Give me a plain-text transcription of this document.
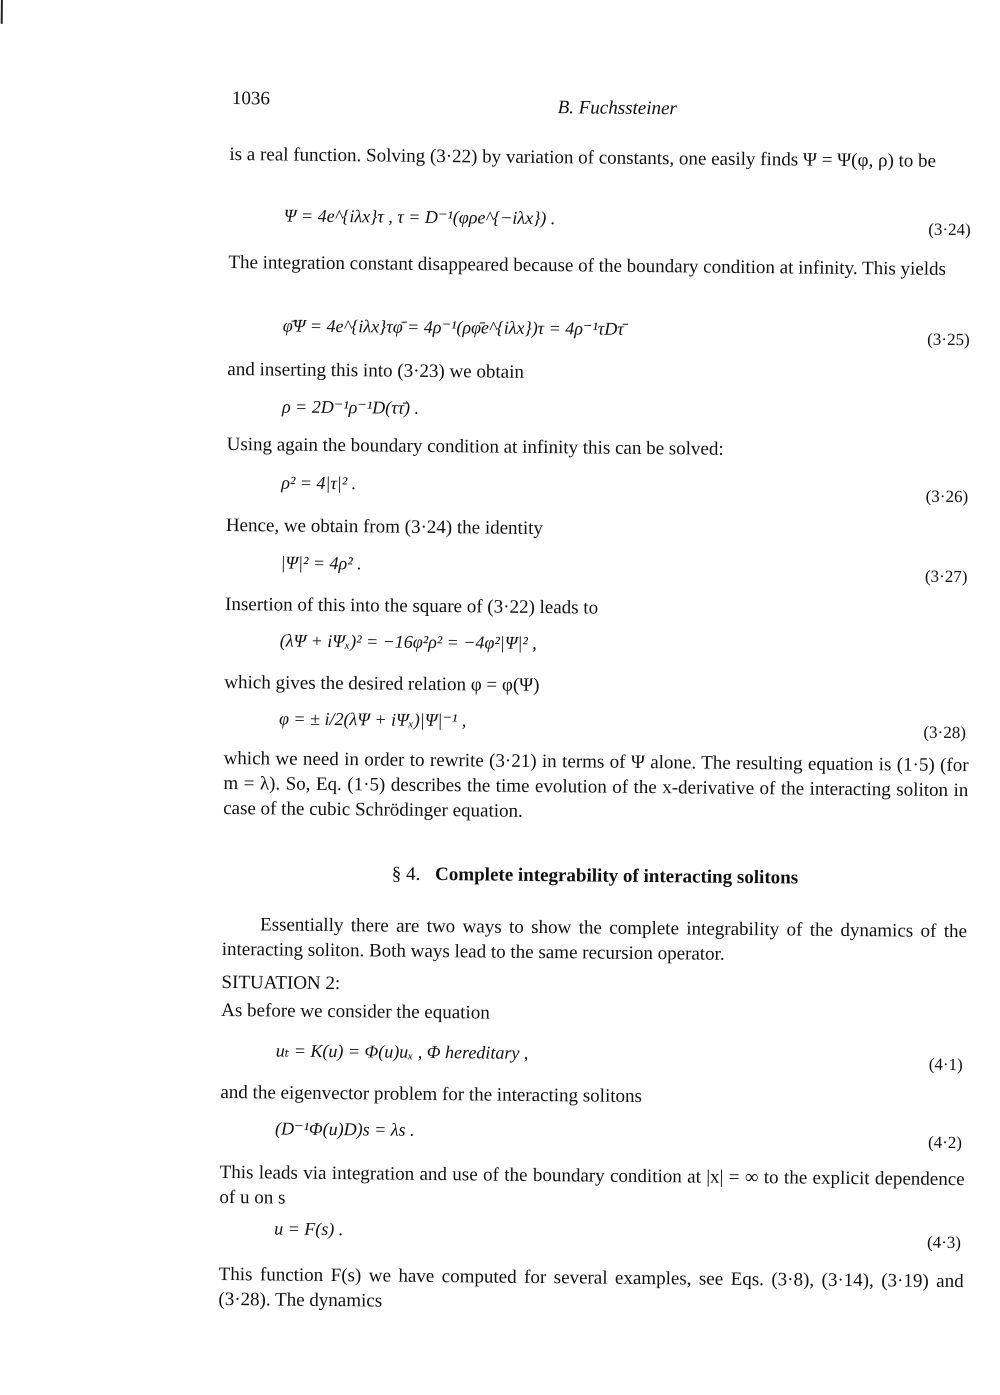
1036	B. Fuchssteiner
is a real function. Solving (3·22) by variation of constants, one easily finds Ψ = Ψ(φ, ρ) to be
Ψ = 4e^{iλx}τ , τ = D⁻¹(φρe^{−iλx}) .
(3·24)
The integration constant disappeared because of the boundary condition at infinity. This yields
φ̄Ψ = 4e^{iλx}τφ̄ = 4ρ⁻¹(ρφ̄e^{iλx})τ = 4ρ⁻¹τDτ̄
(3·25)
and inserting this into (3·23) we obtain
ρ = 2D⁻¹ρ⁻¹D(ττ̄) .
Using again the boundary condition at infinity this can be solved:
ρ² = 4|τ|² .
(3·26)
Hence, we obtain from (3·24) the identity
|Ψ|² = 4ρ² .
(3·27)
Insertion of this into the square of (3·22) leads to
(λΨ + iΨₓ)² = −16φ²ρ² = −4φ²|Ψ|² ,
which gives the desired relation φ = φ(Ψ)
φ = ± i/2(λΨ + iΨₓ)|Ψ|⁻¹ ,
(3·28)
which we need in order to rewrite (3·21) in terms of Ψ alone. The resulting equation is (1·5) (for m = λ). So, Eq. (1·5) describes the time evolution of the x-derivative of the interacting soliton in case of the cubic Schrödinger equation.
§ 4. Complete integrability of interacting solitons
Essentially there are two ways to show the complete integrability of the dynamics of the interacting soliton. Both ways lead to the same recursion operator.
SITUATION 2:
As before we consider the equation
uₜ = K(u) = Φ(u)uₓ , Φ hereditary ,
(4·1)
and the eigenvector problem for the interacting solitons
(D⁻¹Φ(u)D)s = λs .
(4·2)
This leads via integration and use of the boundary condition at |x| = ∞ to the explicit dependence of u on s
u = F(s) .
(4·3)
This function F(s) we have computed for several examples, see Eqs. (3·8), (3·14), (3·19) and (3·28). The dynamics
